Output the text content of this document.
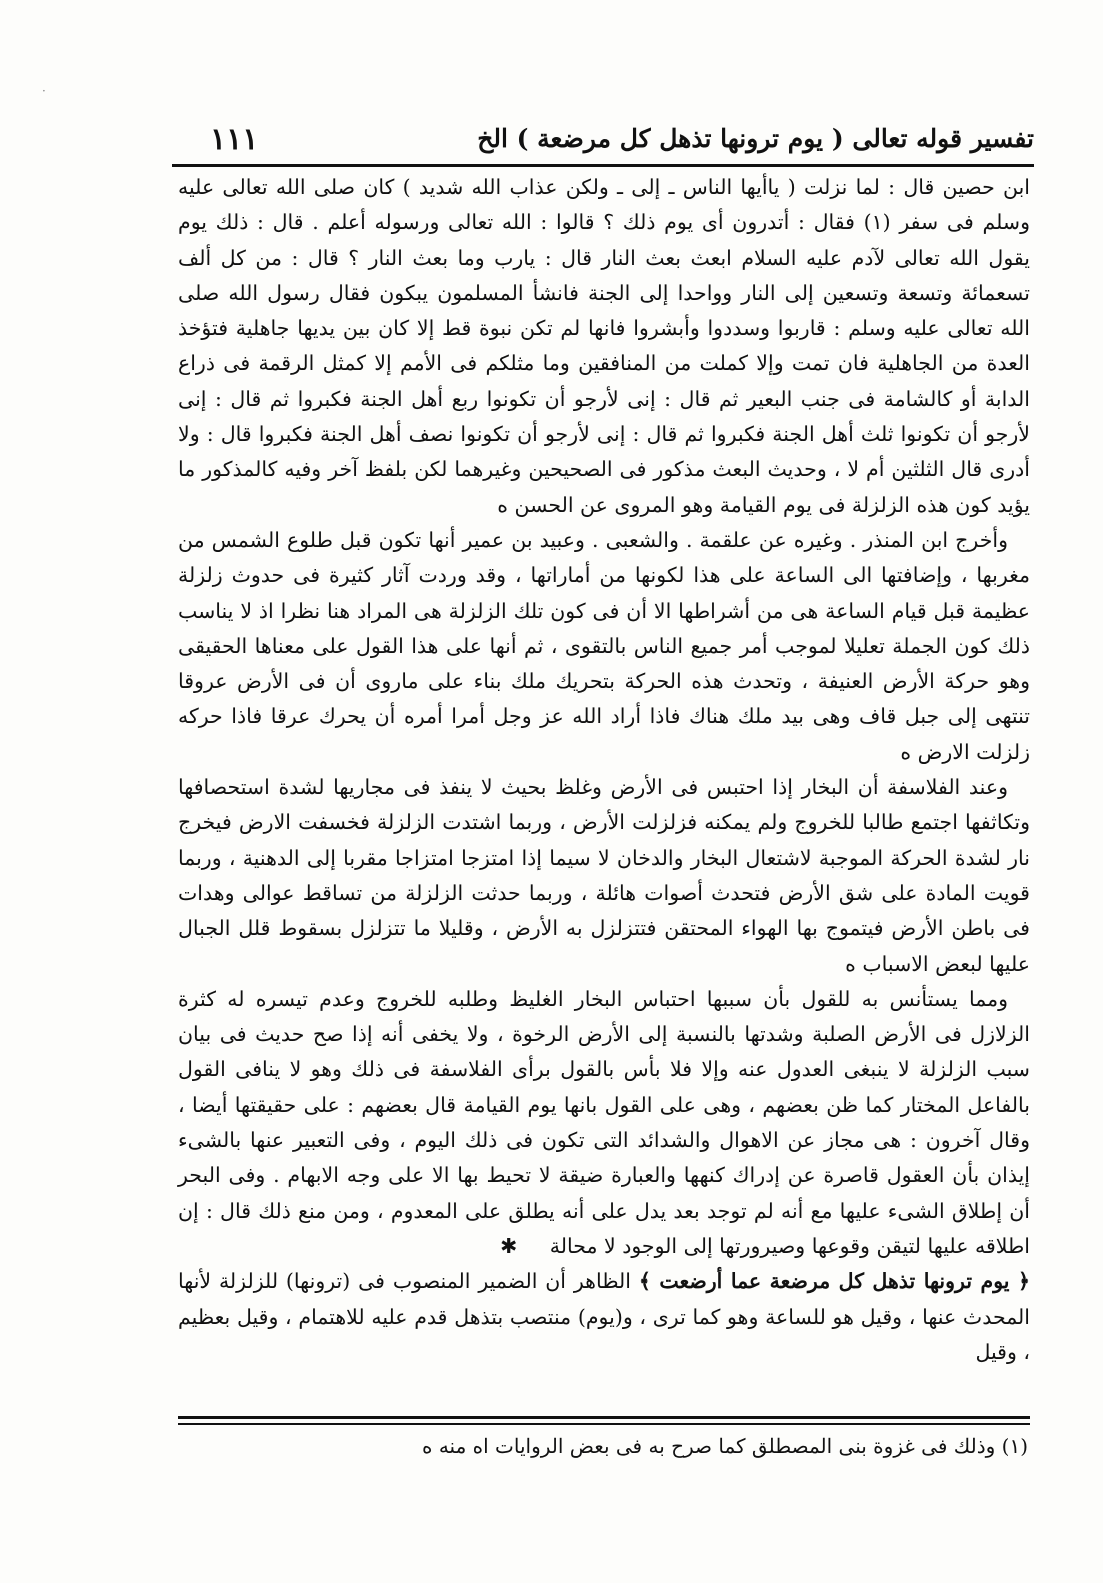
·
تفسير قوله تعالى ( يوم ترونها تذهل كل مرضعة ) الخ
١١١

ابن حصين قال : لما نزلت ( ياأيها الناس ـ إلى ـ ولكن عذاب الله شديد ) كان صلى الله تعالى عليه وسلم فى سفر (١) فقال : أتدرون أى يوم ذلك ؟ قالوا : الله تعالى ورسوله أعلم . قال : ذلك يوم يقول الله تعالى لآدم عليه السلام ابعث بعث النار قال : يارب وما بعث النار ؟ قال : من كل ألف تسعمائة وتسعة وتسعين إلى النار وواحدا إلى الجنة فانشأ المسلمون يبكون فقال رسول الله صلى الله تعالى عليه وسلم : قاربوا وسددوا وأبشروا فانها لم تكن نبوة قط إلا كان بين يديها جاهلية فتؤخذ العدة من الجاهلية فان تمت وإلا كملت من المنافقين وما مثلكم فى الأمم إلا كمثل الرقمة فى ذراع الدابة أو كالشامة فى جنب البعير ثم قال : إنى لأرجو أن تكونوا ربع أهل الجنة فكبروا ثم قال : إنى لأرجو أن تكونوا ثلث أهل الجنة فكبروا ثم قال : إنى لأرجو أن تكونوا نصف أهل الجنة فكبروا قال : ولا أدرى قال الثلثين أم لا ، وحديث البعث مذكور فى الصحيحين وغيرهما لكن بلفظ آخر وفيه كالمذكور ما يؤيد كون هذه الزلزلة فى يوم القيامة وهو المروى عن الحسن ه

وأخرج ابن المنذر . وغيره عن علقمة . والشعبى . وعبيد بن عمير أنها تكون قبل طلوع الشمس من مغربها ، وإضافتها الى الساعة على هذا لكونها من أماراتها ، وقد وردت آثار كثيرة فى حدوث زلزلة عظيمة قبل قيام الساعة هى من أشراطها الا أن فى كون تلك الزلزلة هى المراد هنا نظرا اذ لا يناسب ذلك كون الجملة تعليلا لموجب أمر جميع الناس بالتقوى ، ثم أنها على هذا القول على معناها الحقيقى وهو حركة الأرض العنيفة ، وتحدث هذه الحركة بتحريك ملك بناء على ماروى أن فى الأرض عروقا تنتهى إلى جبل قاف وهى بيد ملك هناك فاذا أراد الله عز وجل أمرا أمره أن يحرك عرقا فاذا حركه زلزلت الارض ه

وعند الفلاسفة أن البخار إذا احتبس فى الأرض وغلظ بحيث لا ينفذ فى مجاريها لشدة استحصافها وتكاثفها اجتمع طالبا للخروج ولم يمكنه فزلزلت الأرض ، وربما اشتدت الزلزلة فخسفت الارض فيخرج نار لشدة الحركة الموجبة لاشتعال البخار والدخان لا سيما إذا امتزجا امتزاجا مقربا إلى الدهنية ، وربما قويت المادة على شق الأرض فتحدث أصوات هائلة ، وربما حدثت الزلزلة من تساقط عوالى وهدات فى باطن الأرض فيتموج بها الهواء المحتقن فتتزلزل به الأرض ، وقليلا ما تتزلزل بسقوط قلل الجبال عليها لبعض الاسباب ه

ومما يستأنس به للقول بأن سببها احتباس البخار الغليظ وطلبه للخروج وعدم تيسره له كثرة الزلازل فى الأرض الصلبة وشدتها بالنسبة إلى الأرض الرخوة ، ولا يخفى أنه إذا صح حديث فى بيان سبب الزلزلة لا ينبغى العدول عنه وإلا فلا بأس بالقول برأى الفلاسفة فى ذلك وهو لا ينافى القول بالفاعل المختار كما ظن بعضهم ، وهى على القول بانها يوم القيامة قال بعضهم : على حقيقتها أيضا ، وقال آخرون : هى مجاز عن الاهوال والشدائد التى تكون فى ذلك اليوم ، وفى التعبير عنها بالشىء إيذان بأن العقول قاصرة عن إدراك كنهها والعبارة ضيقة لا تحيط بها الا على وجه الابهام . وفى البحر أن إطلاق الشىء عليها مع أنه لم توجد بعد يدل على أنه يطلق على المعدوم ، ومن منع ذلك قال : إن اطلاقه عليها لتيقن وقوعها وصيرورتها إلى الوجود لا محالة ✱

﴿ يوم ترونها تذهل كل مرضعة عما أرضعت ﴾ الظاهر أن الضمير المنصوب فى (ترونها) للزلزلة لأنها المحدث عنها ، وقيل هو للساعة وهو كما ترى ، و(يوم) منتصب بتذهل قدم عليه للاهتمام ، وقيل بعظيم ، وقيل

(١) وذلك فى غزوة بنى المصطلق كما صرح به فى بعض الروايات اه منه ه
